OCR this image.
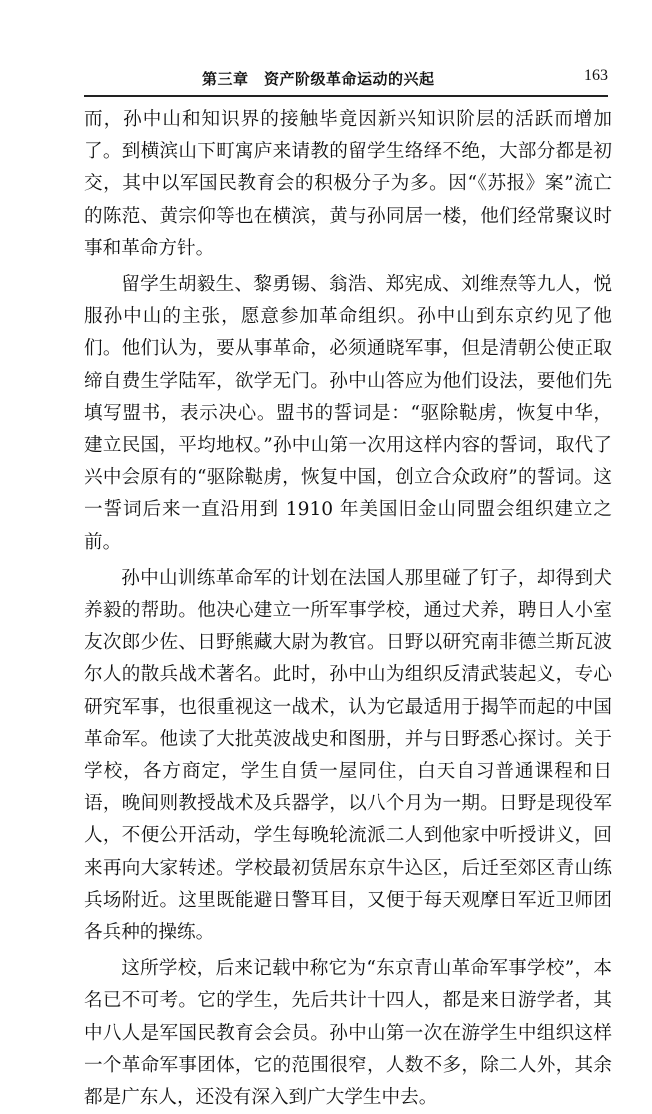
第三章　资产阶级革命运动的兴起	163

而，孙中山和知识界的接触毕竟因新兴知识阶层的活跃而增加了。到横滨山下町寓庐来请教的留学生络绎不绝，大部分都是初交，其中以军国民教育会的积极分子为多。因“《苏报》案”流亡的陈范、黄宗仰等也在横滨，黄与孙同居一楼，他们经常聚议时事和革命方针。

留学生胡毅生、黎勇锡、翁浩、郑宪成、刘维焘等九人，悦服孙中山的主张，愿意参加革命组织。孙中山到东京约见了他们。他们认为，要从事革命，必须通晓军事，但是清朝公使正取缔自费生学陆军，欲学无门。孙中山答应为他们设法，要他们先填写盟书，表示决心。盟书的誓词是：“驱除鞑虏，恢复中华，建立民国，平均地权。”孙中山第一次用这样内容的誓词，取代了兴中会原有的“驱除鞑虏，恢复中国，创立合众政府”的誓词。这一誓词后来一直沿用到 1910 年美国旧金山同盟会组织建立之前。

孙中山训练革命军的计划在法国人那里碰了钉子，却得到犬养毅的帮助。他决心建立一所军事学校，通过犬养，聘日人小室友次郎少佐、日野熊藏大尉为教官。日野以研究南非德兰斯瓦波尔人的散兵战术著名。此时，孙中山为组织反清武装起义，专心研究军事，也很重视这一战术，认为它最适用于揭竿而起的中国革命军。他读了大批英波战史和图册，并与日野悉心探讨。关于学校，各方商定，学生自赁一屋同住，白天自习普通课程和日语，晚间则教授战术及兵器学，以八个月为一期。日野是现役军人，不便公开活动，学生每晚轮流派二人到他家中听授讲义，回来再向大家转述。学校最初赁居东京牛込区，后迁至郊区青山练兵场附近。这里既能避日警耳目，又便于每天观摩日军近卫师团各兵种的操练。

这所学校，后来记载中称它为“东京青山革命军事学校”，本名已不可考。它的学生，先后共计十四人，都是来日游学者，其中八人是军国民教育会会员。孙中山第一次在游学生中组织这样一个革命军事团体，它的范围很窄，人数不多，除二人外，其余都是广东人，还没有深入到广大学生中去。
